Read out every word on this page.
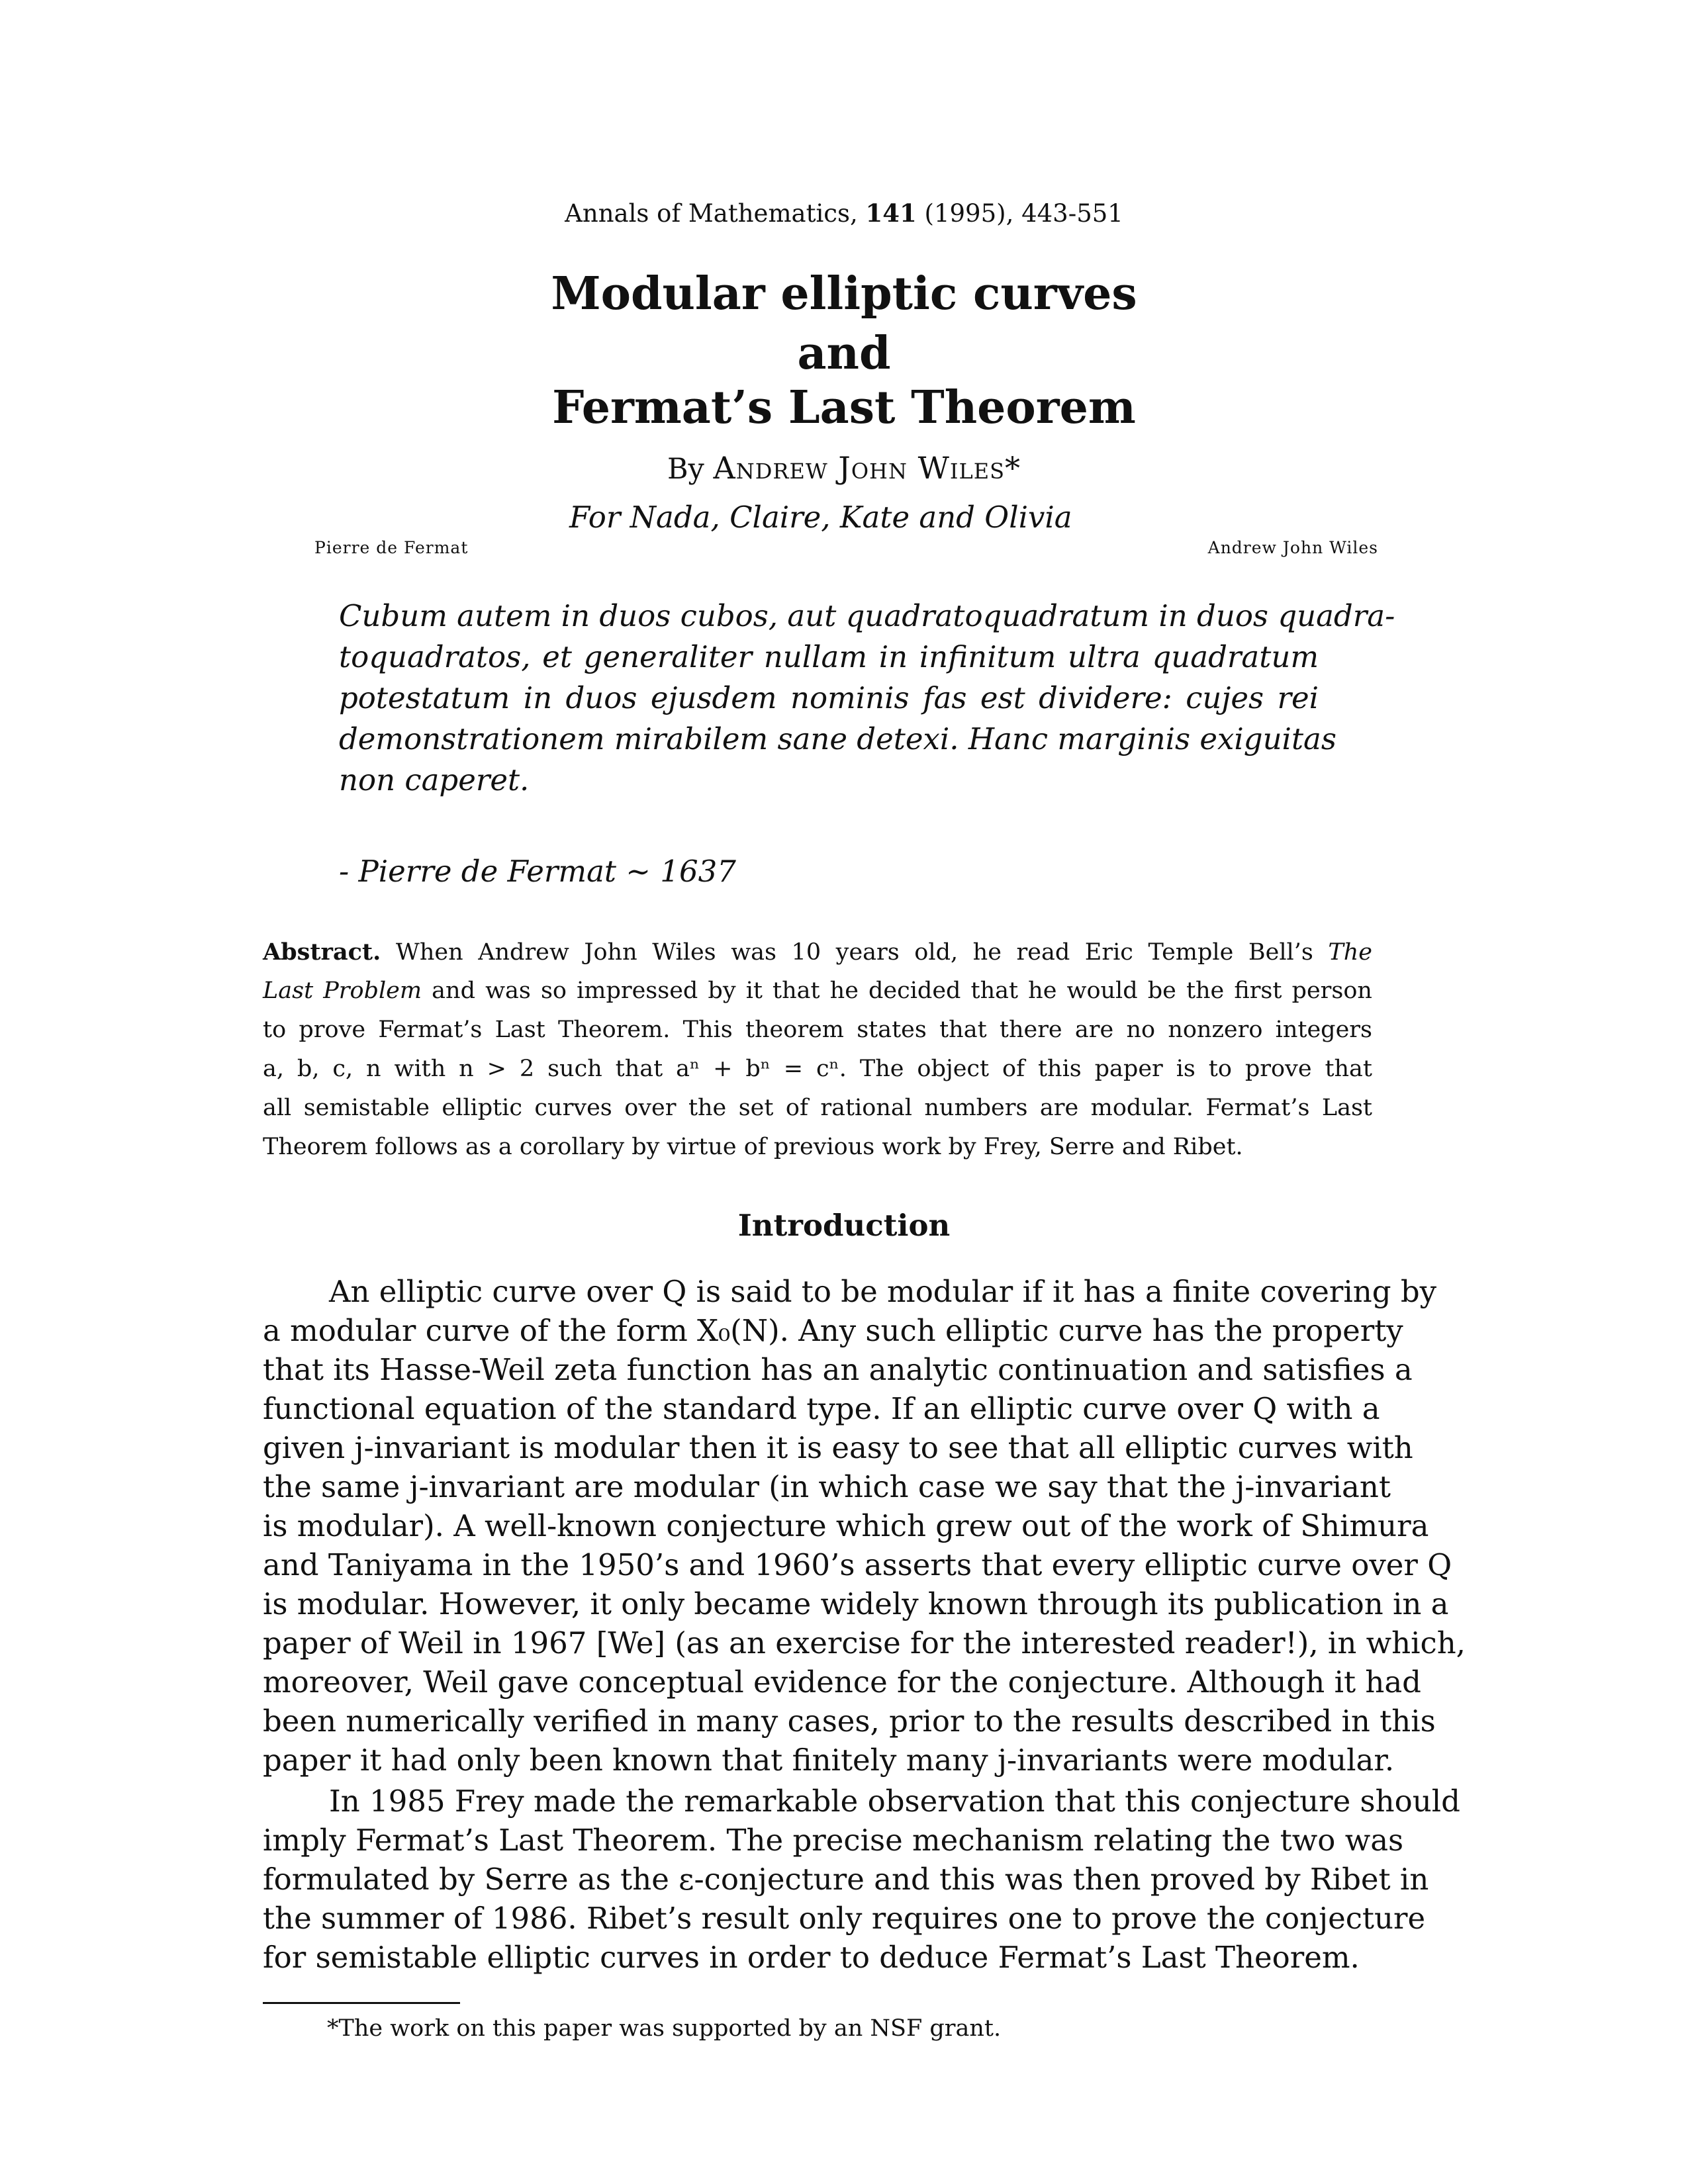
Annals of Mathematics, 141 (1995), 443-551
Modular elliptic curves
and
Fermat’s Last Theorem
By Andrew John Wiles*
For Nada, Claire, Kate and Olivia
Pierre de Fermat	Andrew John Wiles
Cubum autem in duos cubos, aut quadratoquadratum in duos quadra-
toquadratos, et generaliter nullam in infinitum ultra quadratum
potestatum in duos ejusdem nominis fas est dividere: cujes rei
demonstrationem mirabilem sane detexi. Hanc marginis exiguitas
non caperet.
- Pierre de Fermat ∼ 1637
Abstract. When Andrew John Wiles was 10 years old, he read Eric Temple Bell’s The
Last Problem and was so impressed by it that he decided that he would be the first person
to prove Fermat’s Last Theorem. This theorem states that there are no nonzero integers
a, b, c, n with n > 2 such that aⁿ + bⁿ = cⁿ. The object of this paper is to prove that
all semistable elliptic curves over the set of rational numbers are modular. Fermat’s Last
Theorem follows as a corollary by virtue of previous work by Frey, Serre and Ribet.
Introduction
An elliptic curve over Q is said to be modular if it has a finite covering by
a modular curve of the form X₀(N). Any such elliptic curve has the property
that its Hasse-Weil zeta function has an analytic continuation and satisfies a
functional equation of the standard type. If an elliptic curve over Q with a
given j-invariant is modular then it is easy to see that all elliptic curves with
the same j-invariant are modular (in which case we say that the j-invariant
is modular). A well-known conjecture which grew out of the work of Shimura
and Taniyama in the 1950’s and 1960’s asserts that every elliptic curve over Q
is modular. However, it only became widely known through its publication in a
paper of Weil in 1967 [We] (as an exercise for the interested reader!), in which,
moreover, Weil gave conceptual evidence for the conjecture. Although it had
been numerically verified in many cases, prior to the results described in this
paper it had only been known that finitely many j-invariants were modular.
In 1985 Frey made the remarkable observation that this conjecture should
imply Fermat’s Last Theorem. The precise mechanism relating the two was
formulated by Serre as the ε-conjecture and this was then proved by Ribet in
the summer of 1986. Ribet’s result only requires one to prove the conjecture
for semistable elliptic curves in order to deduce Fermat’s Last Theorem.
*The work on this paper was supported by an NSF grant.
